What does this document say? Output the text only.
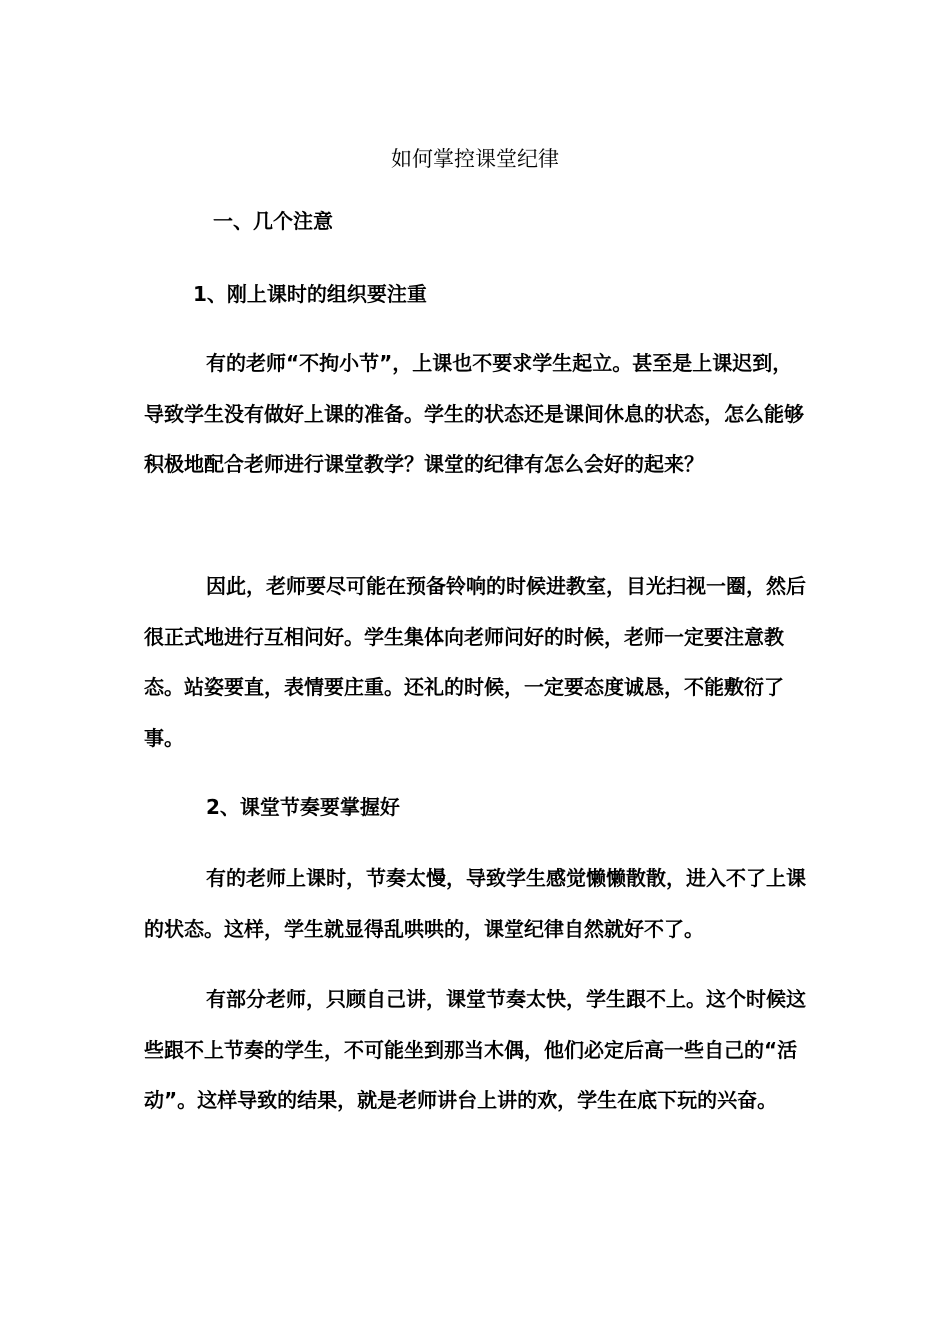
如何掌控课堂纪律
一、几个注意
1、刚上课时的组织要注重

有的老师“不拘小节”，上课也不要求学生起立。甚至是上课迟到，导致学生没有做好上课的准备。学生的状态还是课间休息的状态，怎么能够积极地配合老师进行课堂教学？课堂的纪律有怎么会好的起来？

因此，老师要尽可能在预备铃响的时候进教室，目光扫视一圈，然后很正式地进行互相问好。学生集体向老师问好的时候，老师一定要注意教态。站姿要直，表情要庄重。还礼的时候，一定要态度诚恳，不能敷衍了事。

2、课堂节奏要掌握好

有的老师上课时，节奏太慢，导致学生感觉懒懒散散，进入不了上课的状态。这样，学生就显得乱哄哄的，课堂纪律自然就好不了。

有部分老师，只顾自己讲，课堂节奏太快，学生跟不上。这个时候这些跟不上节奏的学生，不可能坐到那当木偶，他们必定后高一些自己的“活动”。这样导致的结果，就是老师讲台上讲的欢，学生在底下玩的兴奋。
